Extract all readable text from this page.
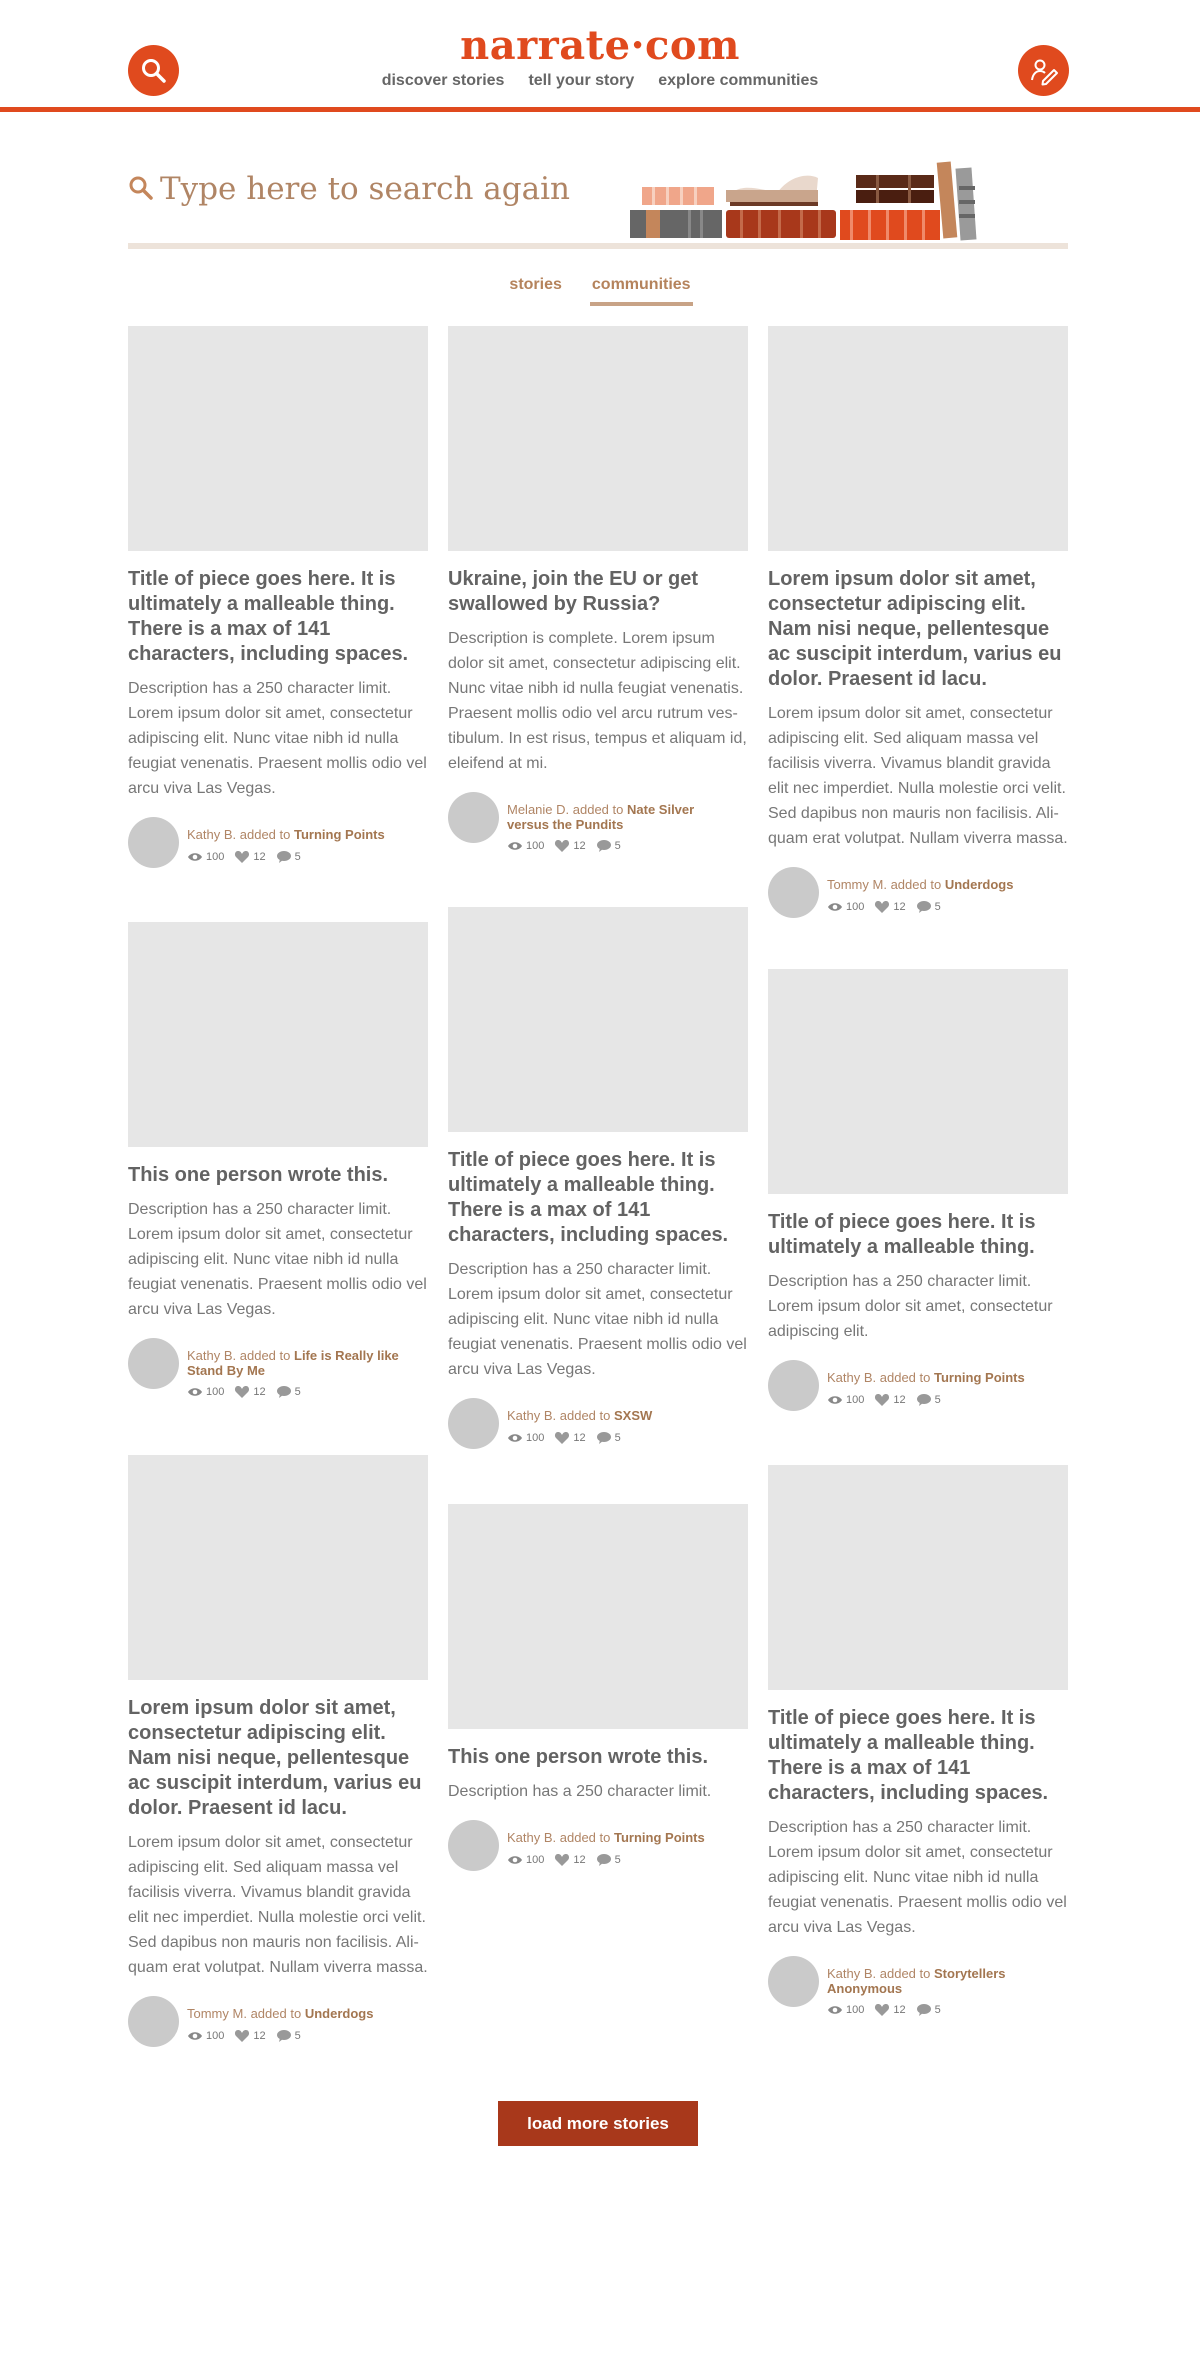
narrate·com
discover stories tell your story explore communities
Type here to search again
stories communities
Title of piece goes here. It is ultimately a malleable thing. There is a max of 141 characters, including spaces.
Description has a 250 character limit. Lorem ipsum dolor sit amet, consectetur adipiscing elit. Nunc vitae nibh id nulla feugiat venenatis. Praesent mollis odio vel arcu viva Las Vegas.
Kathy B. added to Turning Points
100	12	5
Ukraine, join the EU or get swallowed by Russia?
Description is complete. Lorem ipsum dolor sit amet, consectetur adipiscing elit. Nunc vitae nibh id nulla feugiat venenatis. Praesent mollis odio vel arcu rutrum ves-tibulum. In est risus, tempus et aliquam id, eleifend at mi.
Melanie D. added to Nate Silver versus the Pundits
100	12	5
Lorem ipsum dolor sit amet, consectetur adipiscing elit. Nam nisi neque, pellentesque ac suscipit interdum, varius eu dolor. Praesent id lacu.
Lorem ipsum dolor sit amet, consectetur adipiscing elit. Sed aliquam massa vel facilisis viverra. Vivamus blandit gravida elit nec imperdiet. Nulla molestie orci velit. Sed dapibus non mauris non facilisis. Ali-quam erat volutpat. Nullam viverra massa.
Tommy M. added to Underdogs
100	12	5
This one person wrote this.
Description has a 250 character limit. Lorem ipsum dolor sit amet, consectetur adipiscing elit. Nunc vitae nibh id nulla feugiat venenatis. Praesent mollis odio vel arcu viva Las Vegas.
Kathy B. added to Life is Really like Stand By Me
100	12	5
Title of piece goes here. It is ultimately a malleable thing. There is a max of 141 characters, including spaces.
Description has a 250 character limit. Lorem ipsum dolor sit amet, consectetur adipiscing elit. Nunc vitae nibh id nulla feugiat venenatis. Praesent mollis odio vel arcu viva Las Vegas.
Kathy B. added to SXSW
100	12	5
Title of piece goes here. It is ultimately a malleable thing.
Description has a 250 character limit. Lorem ipsum dolor sit amet, consectetur adipiscing elit.
Kathy B. added to Turning Points
100	12	5
Lorem ipsum dolor sit amet, consectetur adipiscing elit. Nam nisi neque, pellentesque ac suscipit interdum, varius eu dolor. Praesent id lacu.
Lorem ipsum dolor sit amet, consectetur adipiscing elit. Sed aliquam massa vel facilisis viverra. Vivamus blandit gravida elit nec imperdiet. Nulla molestie orci velit. Sed dapibus non mauris non facilisis. Ali-quam erat volutpat. Nullam viverra massa.
Tommy M. added to Underdogs
100	12	5
This one person wrote this.
Description has a 250 character limit.
Kathy B. added to Turning Points
100	12	5
Title of piece goes here. It is ultimately a malleable thing. There is a max of 141 characters, including spaces.
Description has a 250 character limit. Lorem ipsum dolor sit amet, consectetur adipiscing elit. Nunc vitae nibh id nulla feugiat venenatis. Praesent mollis odio vel arcu viva Las Vegas.
Kathy B. added to Storytellers Anonymous
100	12	5
load more stories
